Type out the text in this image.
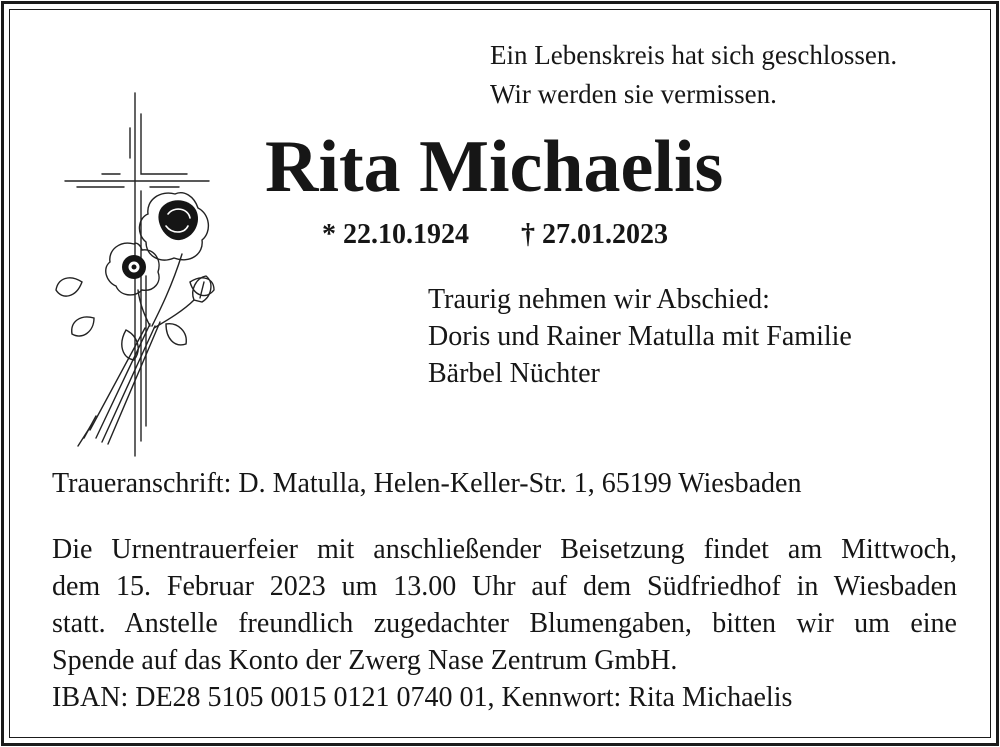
Ein Lebenskreis hat sich geschlossen.
Wir werden sie vermissen.
Rita Michaelis
* 22.10.1924 † 27.01.2023
Traurig nehmen wir Abschied:
Doris und Rainer Matulla mit Familie
Bärbel Nüchter
Traueranschrift: D. Matulla, Helen-Keller-Str. 1, 65199 Wiesbaden
Die Urnentrauerfeier mit anschließender Beisetzung findet am Mittwoch,
dem 15. Februar 2023 um 13.00 Uhr auf dem Südfriedhof in Wiesbaden
statt. Anstelle freundlich zugedachter Blumengaben, bitten wir um eine
Spende auf das Konto der Zwerg Nase Zentrum GmbH.
IBAN: DE28 5105 0015 0121 0740 01, Kennwort: Rita Michaelis
